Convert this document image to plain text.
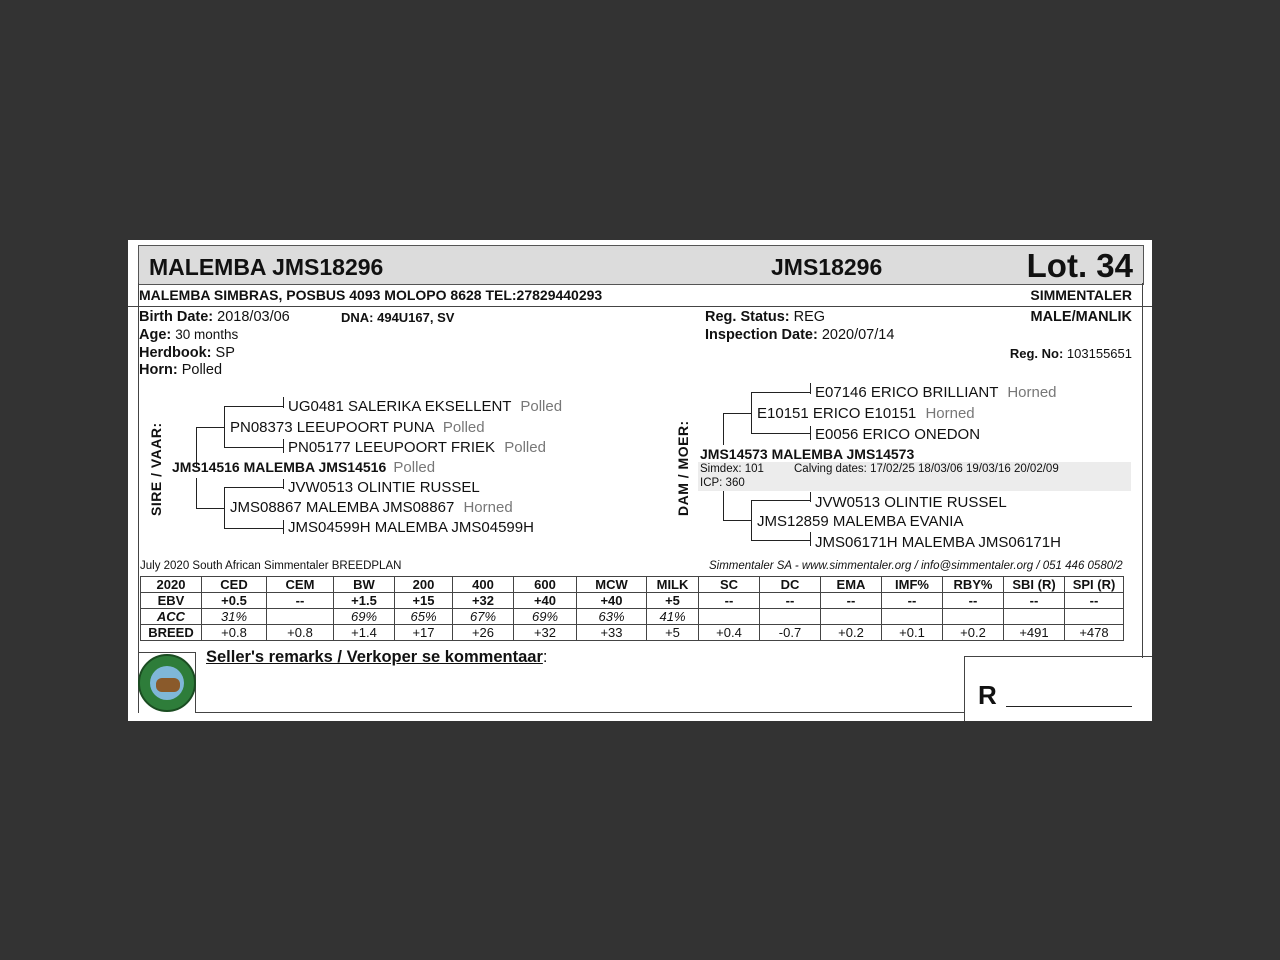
MALEMBA JMS18296	JMS18296	Lot. 34
MALEMBA SIMBRAS, POSBUS 4093 MOLOPO 8628 TEL:27829440293	SIMMENTALER
Birth Date: 2018/03/06	DNA: 494U167, SV
Age: 30 months
Herdbook: SP
Horn: Polled
Reg. Status: REG
Inspection Date: 2020/07/14
MALE/MANLIK
Reg. No: 103155651
SIRE / VAAR:
UG0481 SALERIKA EKSELLENT Polled
PN08373 LEEUPOORT PUNA Polled
PN05177 LEEUPOORT FRIEK Polled
JMS14516 MALEMBA JMS14516 Polled
JVW0513 OLINTIE RUSSEL
JMS08867 MALEMBA JMS08867 Horned
JMS04599H MALEMBA JMS04599H
DAM / MOER:
E07146 ERICO BRILLIANT Horned
E10151 ERICO E10151 Horned
E0056 ERICO ONEDON
JMS14573 MALEMBA JMS14573
Simdex: 101	Calving dates: 17/02/25 18/03/06 19/03/16 20/02/09
ICP: 360
JVW0513 OLINTIE RUSSEL
JMS12859 MALEMBA EVANIA
JMS06171H MALEMBA JMS06171H
July 2020 South African Simmentaler BREEDPLAN	Simmentaler SA - www.simmentaler.org / info@simmentaler.org / 051 446 0580/2
2020	CED	CEM	BW	200	400	600	MCW	MILK	SC	DC	EMA	IMF%	RBY%	SBI (R)	SPI (R)
EBV	+0.5	--	+1.5	+15	+32	+40	+40	+5	--	--	--	--	--	--	--
ACC	31%		69%	65%	67%	69%	63%	41%							
BREED	+0.8	+0.8	+1.4	+17	+26	+32	+33	+5	+0.4	-0.7	+0.2	+0.1	+0.2	+491	+478
Seller's remarks / Verkoper se kommentaar:
R
